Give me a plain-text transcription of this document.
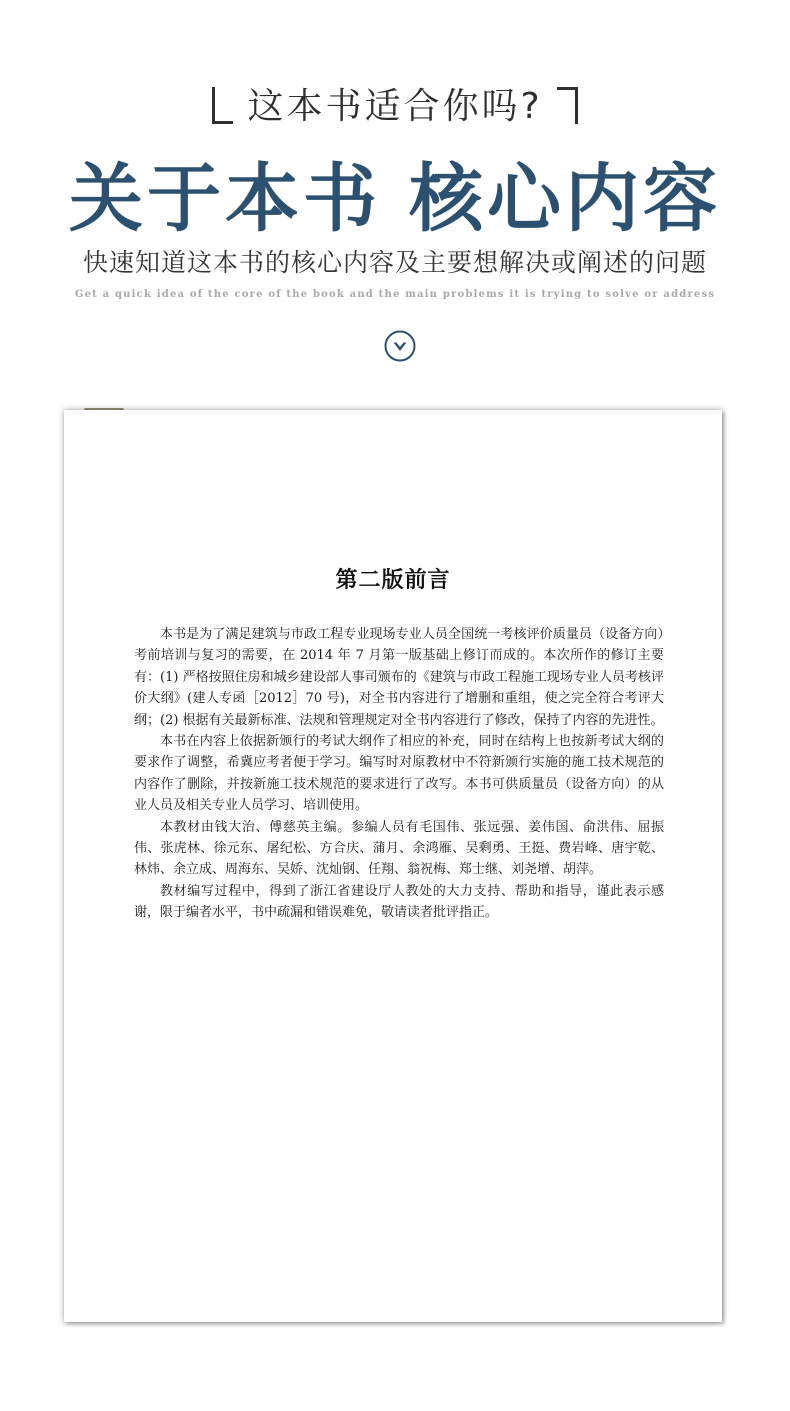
这本书适合你吗?
关于本书 核心内容
快速知道这本书的核心内容及主要想解决或阐述的问题
Get a quick idea of the core of the book and the main problems it is trying to solve or address
第二版前言

本书是为了满足建筑与市政工程专业现场专业人员全国统一考核评价质量员（设备方向）考前培训与复习的需要，在 2014 年 7 月第一版基础上修订而成的。本次所作的修订主要有：(1) 严格按照住房和城乡建设部人事司颁布的《建筑与市政工程施工现场专业人员考核评价大纲》(建人专函［2012］70 号)，对全书内容进行了增删和重组，使之完全符合考评大纲；(2) 根据有关最新标准、法规和管理规定对全书内容进行了修改，保持了内容的先进性。

本书在内容上依据新颁行的考试大纲作了相应的补充，同时在结构上也按新考试大纲的要求作了调整，希冀应考者便于学习。编写时对原教材中不符新颁行实施的施工技术规范的内容作了删除，并按新施工技术规范的要求进行了改写。本书可供质量员（设备方向）的从业人员及相关专业人员学习、培训使用。

本教材由钱大治、傅慈英主编。参编人员有毛国伟、张远强、姜伟国、俞洪伟、屈振伟、张虎林、徐元东、屠纪松、方合庆、蒲月、余鸿雁、吴剩勇、王挺、费岩峰、唐宇乾、林炜、余立成、周海东、吴娇、沈灿钢、任翔、翁祝梅、郑士继、刘尧增、胡萍。

教材编写过程中，得到了浙江省建设厅人教处的大力支持、帮助和指导，谨此表示感谢，限于编者水平，书中疏漏和错误难免，敬请读者批评指正。
